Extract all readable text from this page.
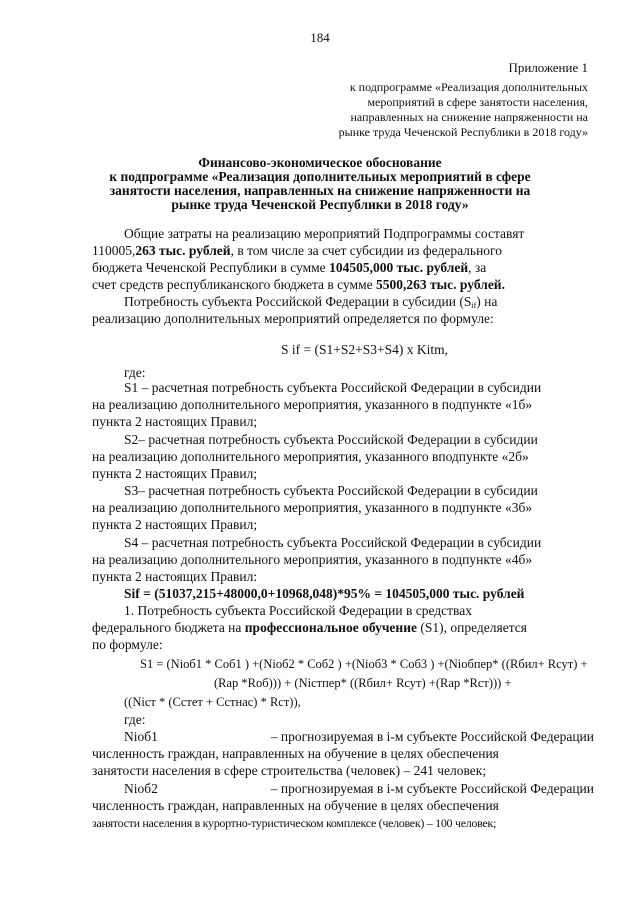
184
Приложение 1
к подпрограмме «Реализация дополнительных
мероприятий в сфере занятости населения,
направленных на снижение напряженности на
рынке труда Чеченской Республики в 2018 году»
Финансово-экономическое обоснование
к подпрограмме «Реализация дополнительных мероприятий в сфере
занятости населения, направленных на снижение напряженности на
рынке труда Чеченской Республики в 2018 году»
Общие затраты на реализацию мероприятий Подпрограммы составят
110005,263 тыс. рублей, в том числе за счет субсидии из федерального
бюджета Чеченской Республики в сумме 104505,000 тыс. рублей, за
счет средств республиканского бюджета в сумме 5500,263 тыс. рублей.
Потребность субъекта Российской Федерации в субсидии $(S_{if})$ на
реализацию дополнительных мероприятий определяется по формуле:
S if = (S1+S2+S3+S4) x Kitm,
где:
S1 – расчетная потребность субъекта Российской Федерации в субсидии
на реализацию дополнительного мероприятия, указанного в подпункте «1б»
пункта 2 настоящих Правил;
S2– расчетная потребность субъекта Российской Федерации в субсидии
на реализацию дополнительного мероприятия, указанного вподпункте «2б»
пункта 2 настоящих Правил;
S3– расчетная потребность субъекта Российской Федерации в субсидии
на реализацию дополнительного мероприятия, указанного в подпункте «3б»
пункта 2 настоящих Правил;
S4 – расчетная потребность субъекта Российской Федерации в субсидии
на реализацию дополнительного мероприятия, указанного в подпункте «4б»
пункта 2 настоящих Правил:
Sif = (51037,215+48000,0+10968,048)*95% = 104505,000 тыс. рублей
1. Потребность субъекта Российской Федерации в средствах
федерального бюджета на профессиональное обучение (S1), определяется
по формуле:
S1 = (Nioб1 * Coб1 ) +(Nioб2 * Coб2 ) +(Nioб3 * Coб3 ) +(Nioбпер* ((Rбил+ Rсут) +
(Rар *Rоб))) + (Nicтпер* ((Rбил+ Rсут) +(Rар *Rст))) +
((Nicт * (Cстет + Cстнас) * Rст)),
где:
Nioб1	– прогнозируемая в i-м субъекте Российской Федерации
численность граждан, направленных на обучение в целях обеспечения
занятости населения в сфере строительства (человек) – 241 человек;
Nioб2	– прогнозируемая в i-м субъекте Российской Федерации
численность граждан, направленных на обучение в целях обеспечения
занятости населения в курортно-туристическом комплексе (человек) – 100 человек;
